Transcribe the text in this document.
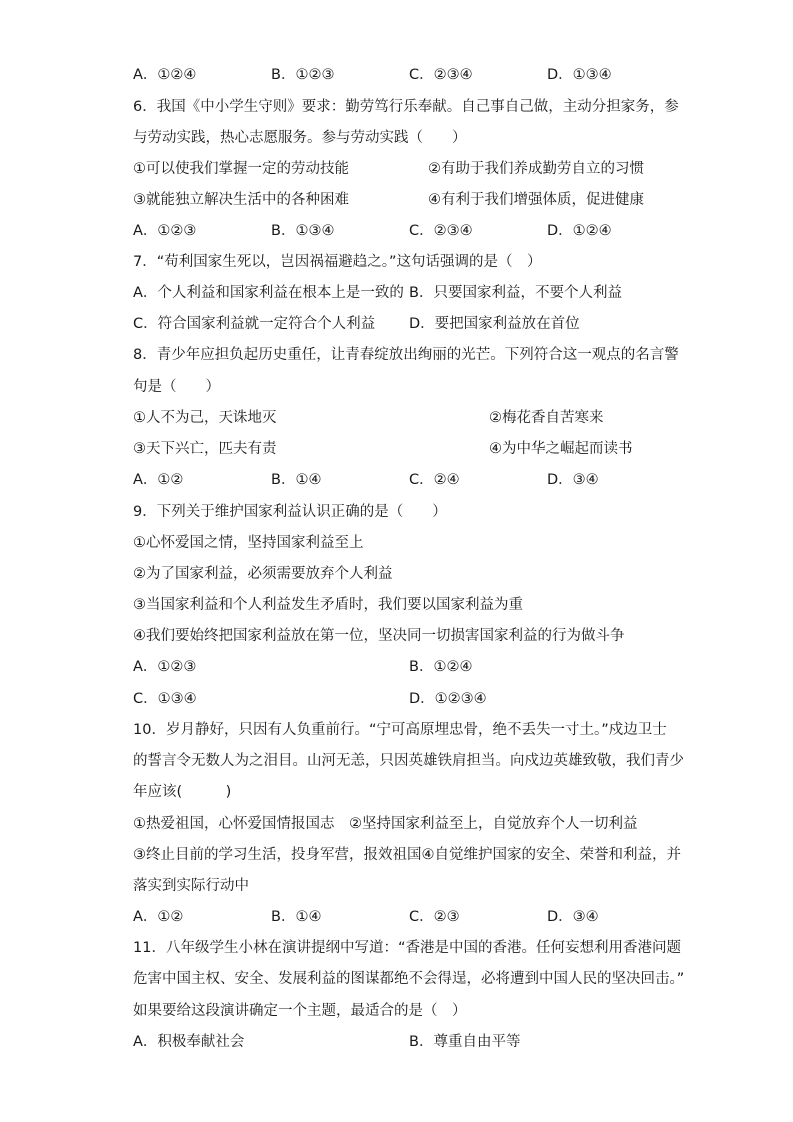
A．①②④	B．①②③	C．②③④	D．①③④
6．我国《中小学生守则》要求：勤劳笃行乐奉献。自己事自己做，主动分担家务，参
与劳动实践，热心志愿服务。参与劳动实践（　　）
①可以使我们掌握一定的劳动技能	②有助于我们养成勤劳自立的习惯
③就能独立解决生活中的各种困难	④有利于我们增强体质，促进健康
A．①②③	B．①③④	C．②③④	D．①②④
7．“苟利国家生死以，岂因祸福避趋之。”这句话强调的是（　）
A．个人利益和国家利益在根本上是一致的 B．只要国家利益，不要个人利益
C．符合国家利益就一定符合个人利益 D．要把国家利益放在首位
8．青少年应担负起历史重任，让青春绽放出绚丽的光芒。下列符合这一观点的名言警
句是（　　）
①人不为己，天诛地灭	②梅花香自苦寒来
③天下兴亡，匹夫有责	④为中华之崛起而读书
A．①②	B．①④	C．②④	D．③④
9．下列关于维护国家利益认识正确的是（　　）
①心怀爱国之情，坚持国家利益至上
②为了国家利益，必须需要放弃个人利益
③当国家利益和个人利益发生矛盾时，我们要以国家利益为重
④我们要始终把国家利益放在第一位，坚决同一切损害国家利益的行为做斗争
A．①②③	B．①②④
C．①③④	D．①②③④
10．岁月静好，只因有人负重前行。“宁可高原埋忠骨，绝不丢失一寸土。”戍边卫士
的誓言令无数人为之泪目。山河无恙，只因英雄铁肩担当。向戍边英雄致敬，我们青少
年应该(　　　)
①热爱祖国，心怀爱国情报国志　②坚持国家利益至上，自觉放弃个人一切利益
③终止目前的学习生活，投身军营，报效祖国④自觉维护国家的安全、荣誉和利益，并
落实到实际行动中
A．①②	B．①④	C．②③	D．③④
11．八年级学生小林在演讲提纲中写道：“香港是中国的香港。任何妄想利用香港问题
危害中国主权、安全、发展利益的图谋都绝不会得逞，必将遭到中国人民的坚决回击。”
如果要给这段演讲确定一个主题，最适合的是（　）
A．积极奉献社会	B．尊重自由平等
